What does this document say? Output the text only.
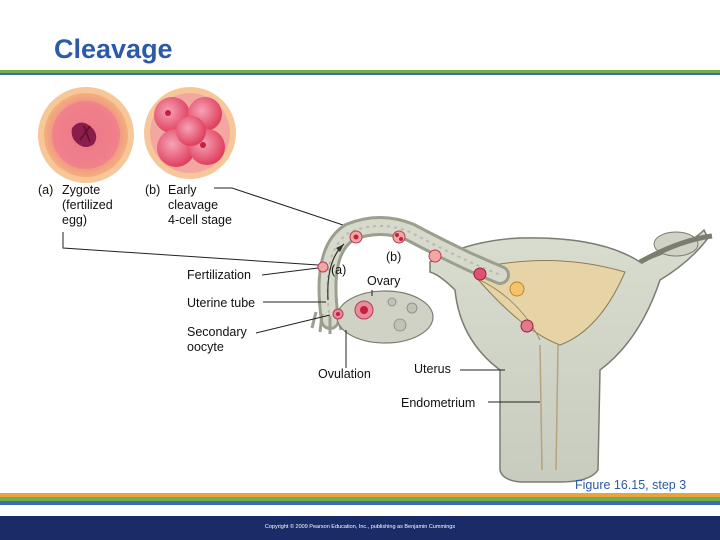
Cleavage
(a) Zygote
(fertilized
egg)
(b) Early
cleavage
4-cell stage
(b)
(a)
Fertilization	Ovary
Uterine tube
Secondary
oocyte
Ovulation	Uterus
Endometrium
Figure 16.15, step 3
Copyright © 2009 Pearson Education, Inc., publishing as Benjamin Cummings
